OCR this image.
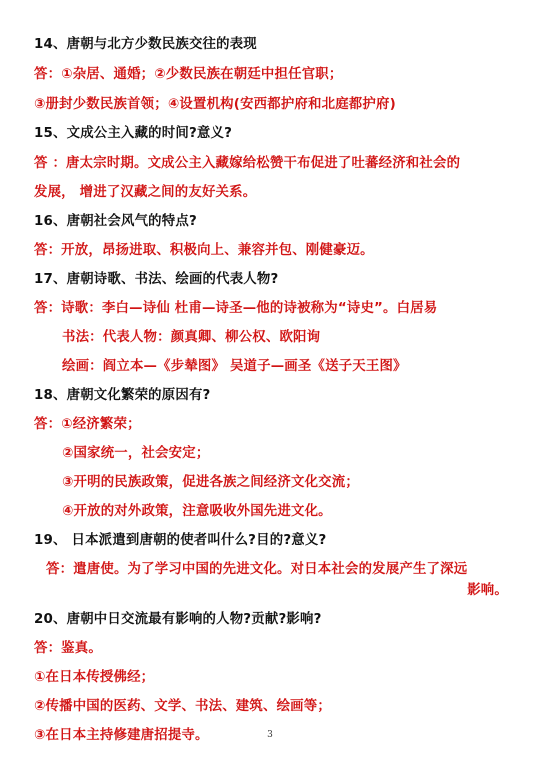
14、唐朝与北方少数民族交往的表现
答：①杂居、通婚；②少数民族在朝廷中担任官职；
③册封少数民族首领；④设置机构(安西都护府和北庭都护府)
15、文成公主入藏的时间?意义?
答 ：唐太宗时期。文成公主入藏嫁给松赞干布促进了吐蕃经济和社会的
发展， 增进了汉藏之间的友好关系。
16、唐朝社会风气的特点?
答：开放，昂扬进取、积极向上、兼容并包、刚健豪迈。
17、唐朝诗歌、书法、绘画的代表人物?
答：诗歌：李白—诗仙 杜甫—诗圣—他的诗被称为“诗史”。白居易
书法：代表人物：颜真卿、柳公权、欧阳询
绘画：阎立本—《步辇图》 吴道子—画圣《送子天王图》
18、唐朝文化繁荣的原因有?
答：①经济繁荣；
②国家统一，社会安定；
③开明的民族政策，促进各族之间经济文化交流；
④开放的对外政策，注意吸收外国先进文化。
19、 日本派遣到唐朝的使者叫什么?目的?意义?
答：遣唐使。为了学习中国的先进文化。对日本社会的发展产生了深远
影响。
20、唐朝中日交流最有影响的人物?贡献?影响?
答：鉴真。
①在日本传授佛经；
②传播中国的医药、文学、书法、建筑、绘画等；
③在日本主持修建唐招提寺。	3
